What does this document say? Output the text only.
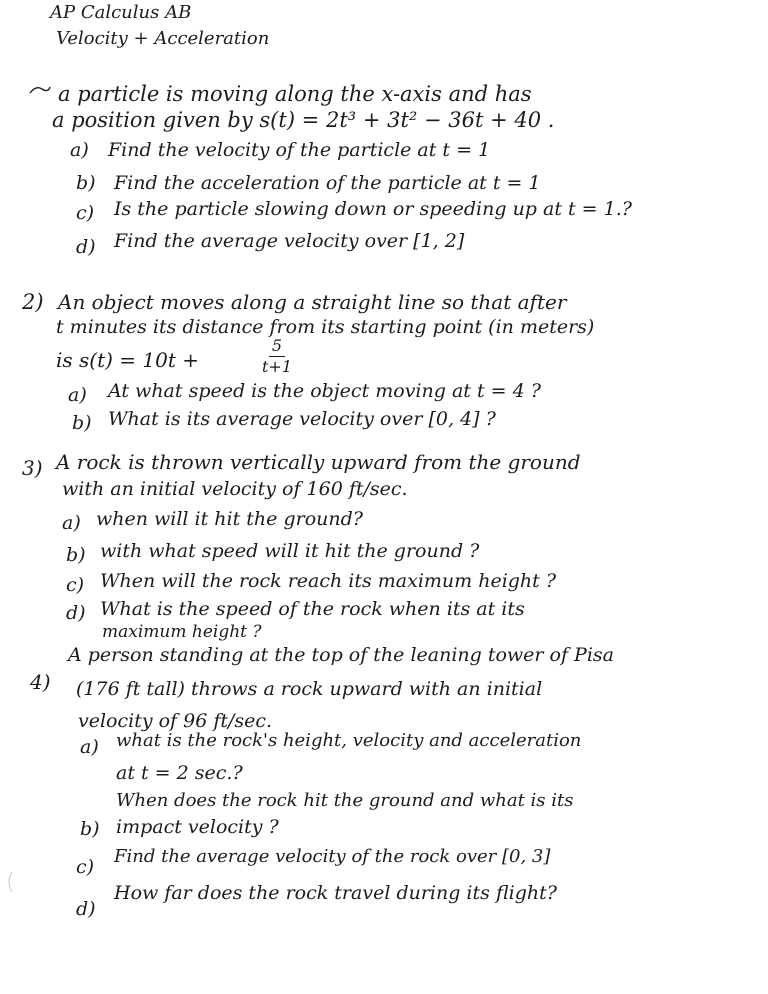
AP Calculus AB
Velocity + Acceleration
a particle is moving along the x-axis and has
a position given by s(t) = 2t³ + 3t² − 36t + 40 .
a) Find the velocity of the particle at t = 1
b) Find the acceleration of the particle at t = 1
c) Is the particle slowing down or speeding up at t = 1.?
d) Find the average velocity over [1, 2]
2) An object moves along a straight line so that after
t minutes its distance from its starting point (in meters)
is s(t) = 10t +	$\frac{5}{t+1}$
a) At what speed is the object moving at t = 4 ?
b) What is its average velocity over [0, 4] ?
3) A rock is thrown vertically upward from the ground
with an initial velocity of 160 ft/sec.
a) when will it hit the ground?
b) with what speed will it hit the ground ?
c) When will the rock reach its maximum height ?
d) What is the speed of the rock when its at its
maximum height ?
4)
A person standing at the top of the leaning tower of Pisa
(176 ft tall) throws a rock upward with an initial
velocity of 96 ft/sec.
a) what is the rock's height, velocity and acceleration
at t = 2 sec.?
b)
When does the rock hit the ground and what is its
impact velocity ?
c) Find the average velocity of the rock over [0, 3]
d)
How far does the rock travel during its flight?
